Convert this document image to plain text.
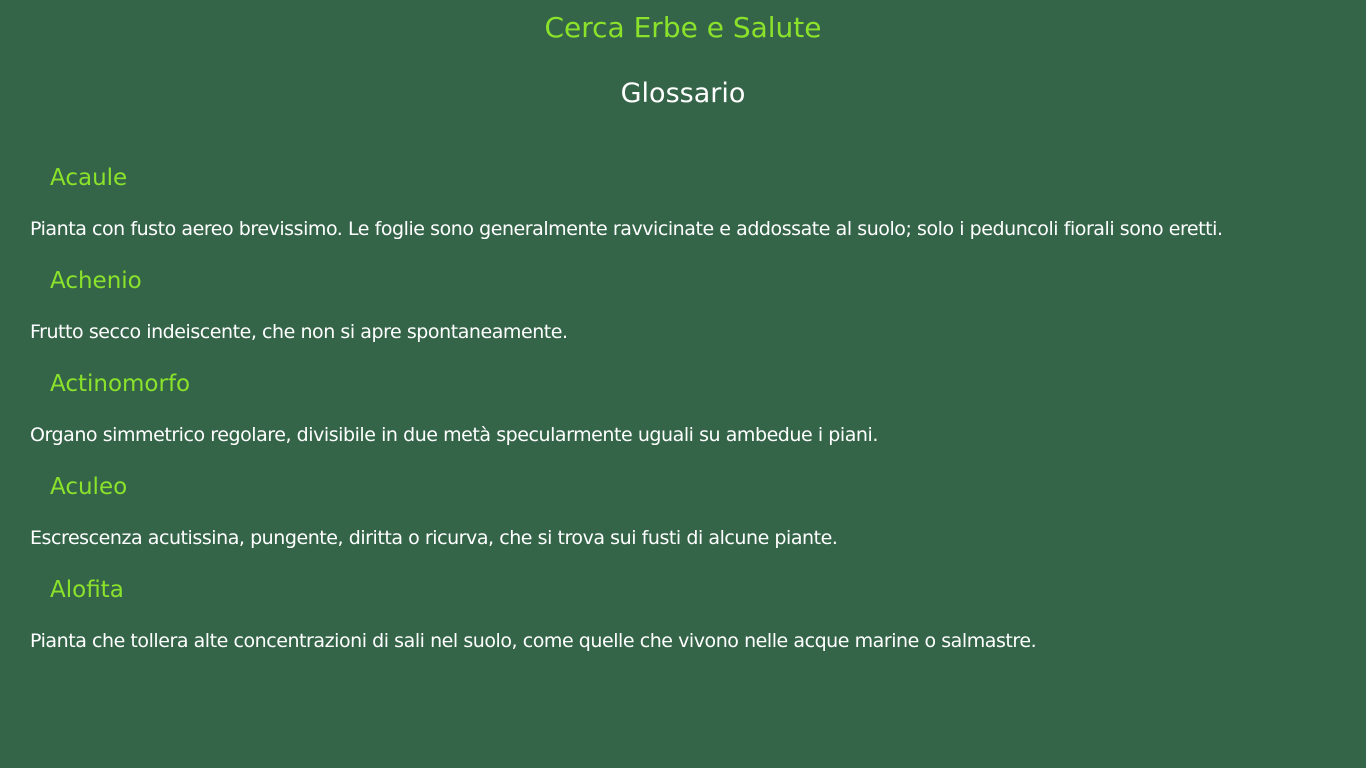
Cerca Erbe e Salute
Glossario
Acaule

Pianta con fusto aereo brevissimo. Le foglie sono generalmente ravvicinate e addossate al suolo; solo i peduncoli fiorali sono eretti.

Achenio

Frutto secco indeiscente, che non si apre spontaneamente.

Actinomorfo

Organo simmetrico regolare, divisibile in due metà specularmente uguali su ambedue i piani.

Aculeo

Escrescenza acutissina, pungente, diritta o ricurva, che si trova sui fusti di alcune piante.

Alofita

Pianta che tollera alte concentrazioni di sali nel suolo, come quelle che vivono nelle acque marine o salmastre.
